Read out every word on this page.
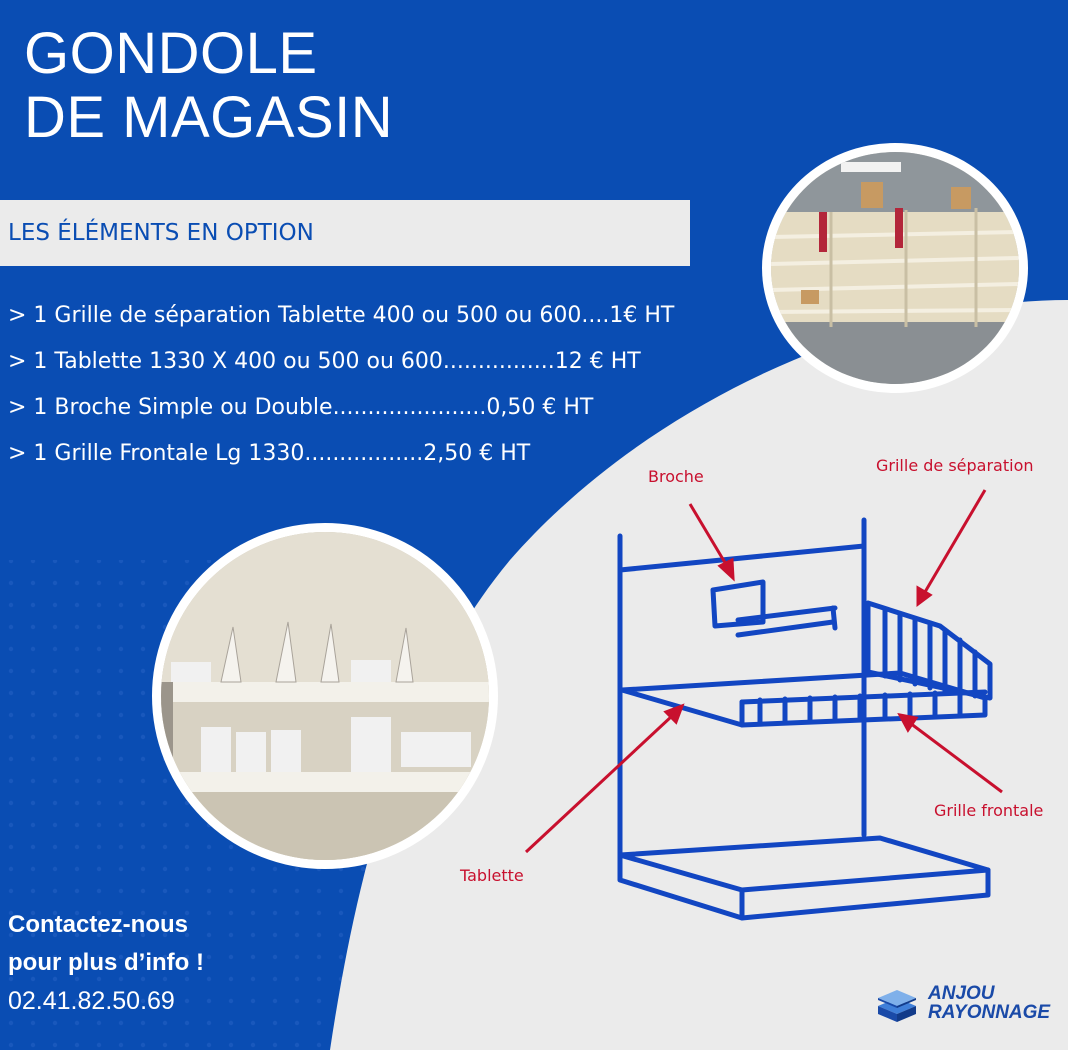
GONDOLE
DE MAGASIN
LES ÉLÉMENTS EN OPTION
> 1 Grille de séparation Tablette 400 ou 500 ou 600....1€ HT
> 1 Tablette 1330 X 400 ou 500 ou 600................12 € HT
> 1 Broche Simple ou Double......................0,50 € HT
> 1 Grille Frontale Lg 1330.................2,50 € HT
Broche
Grille de séparation
Grille frontale
Tablette
Contactez-nous
pour plus d’info !
02.41.82.50.69	ANJOU
RAYONNAGE
